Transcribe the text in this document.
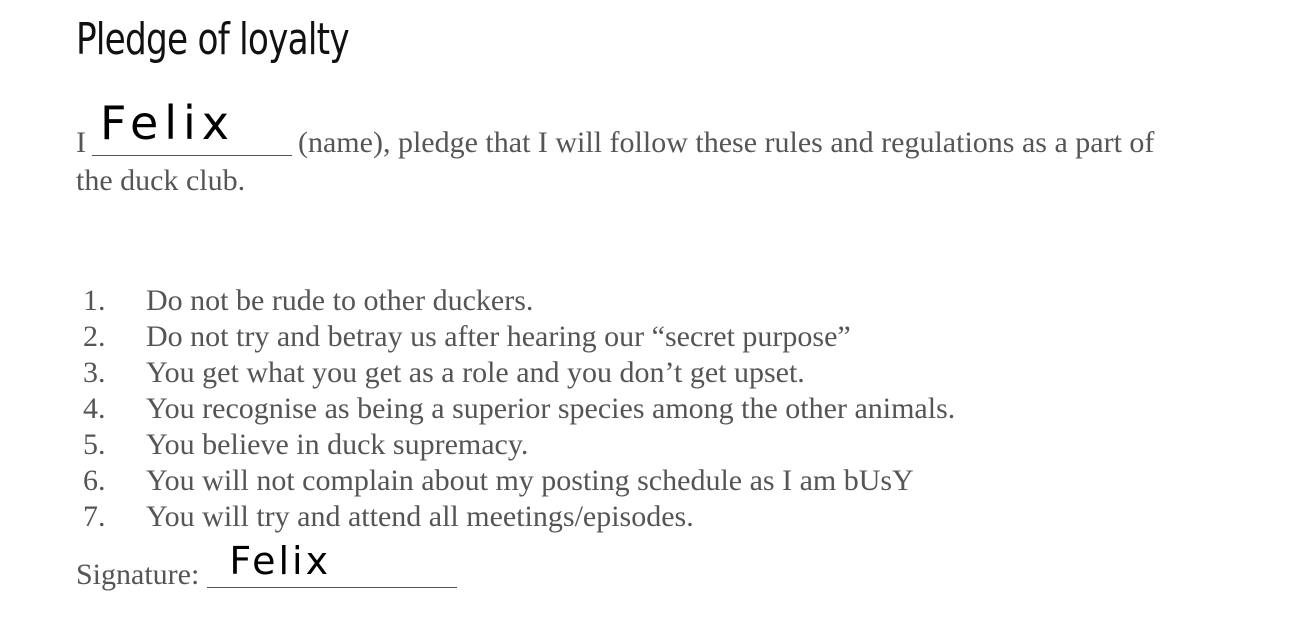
Pledge of loyalty
I Felix (name), pledge that I will follow these rules and regulations as a part of
the duck club.
1.	Do not be rude to other duckers.
2.	Do not try and betray us after hearing our “secret purpose”
3.	You get what you get as a role and you don’t get upset.
4.	You recognise as being a superior species among the other animals.
5.	You believe in duck supremacy.
6.	You will not complain about my posting schedule as I am bUsY
7.	You will try and attend all meetings/episodes.
Signature: Felix
